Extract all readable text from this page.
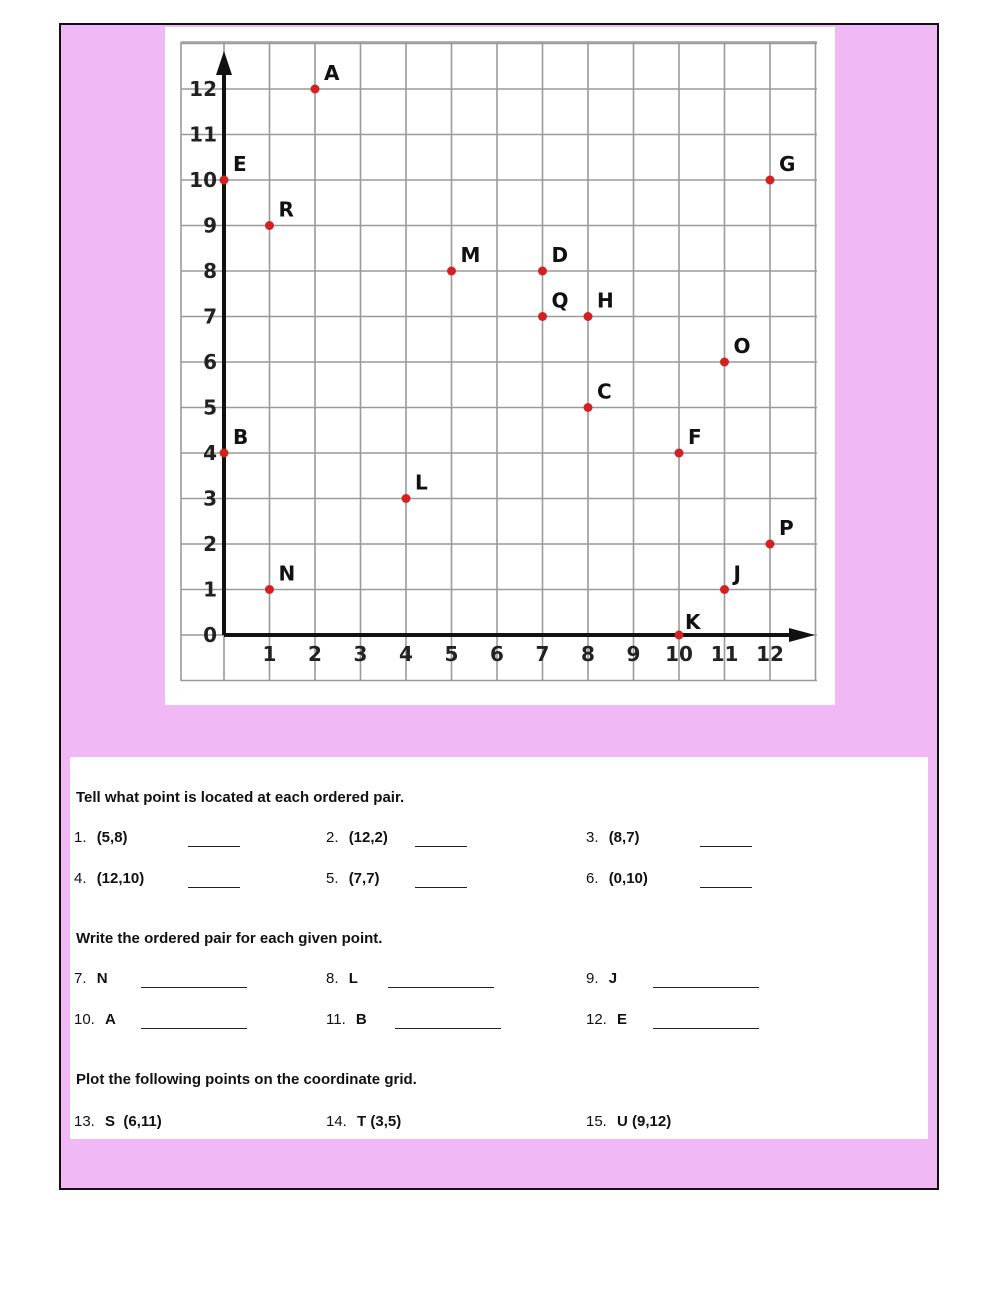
0
1
2
3
4
5
6
7
8
9
10
11
12
1 2 3 4 5 6 7 8 9 10 11 12
A
B
C
D
E
F
G
H
J
K
L
M
N
O
P
Q
R
Tell what point is located at each ordered pair.
1. (5,8)	2. (12,2)	3. (8,7)
4. (12,10)	5. (7,7)	6. (0,10)
Write the ordered pair for each given point.
7. N	8. L	9. J
10. A	11. B	12. E
Plot the following points on the coordinate grid.
13. S  (6,11)	14. T (3,5)	15. U (9,12)
